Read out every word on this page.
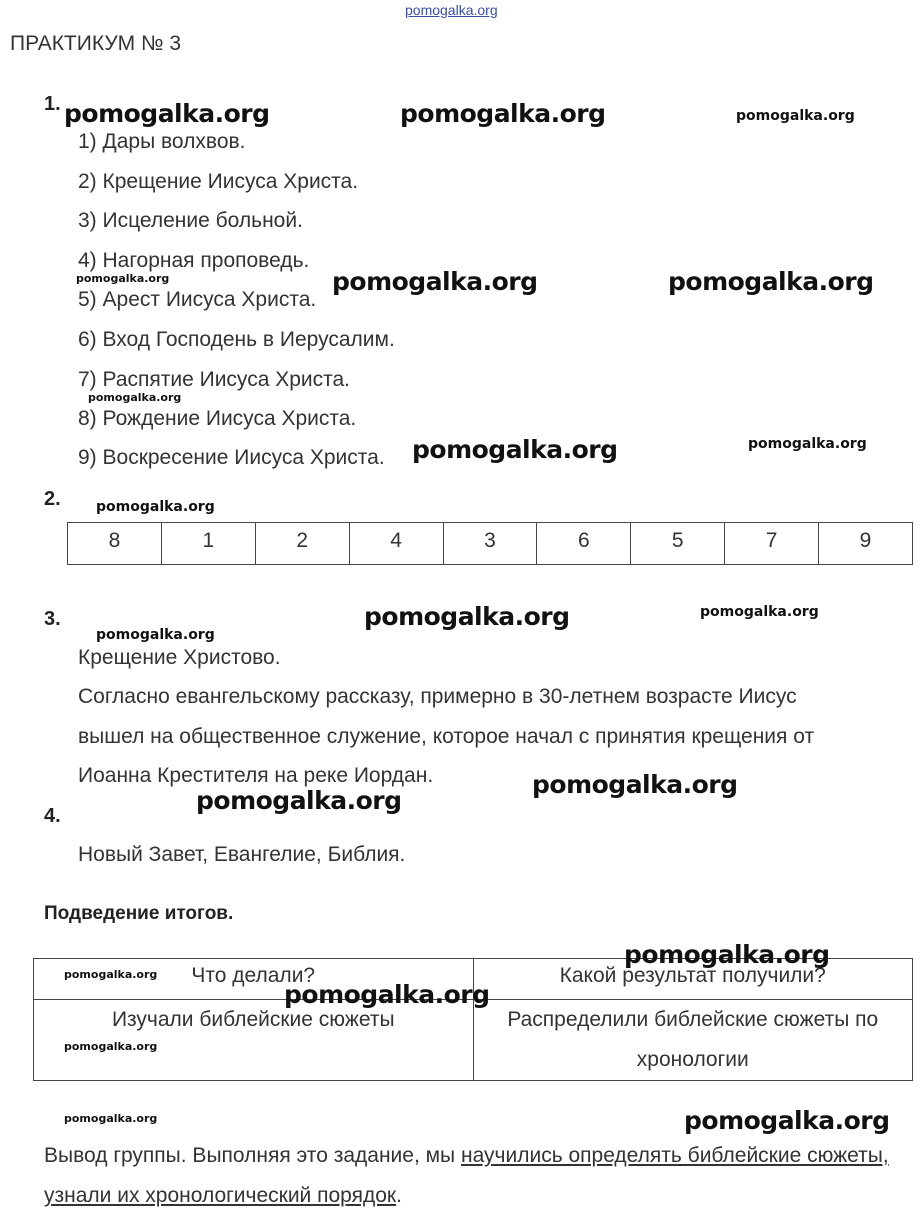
pomogalka.org
ПРАКТИКУМ № 3
1.
1) Дары волхвов.
2) Крещение Иисуса Христа.
3) Исцеление больной.
4) Нагорная проповедь.
5) Арест Иисуса Христа.
6) Вход Господень в Иерусалим.
7) Распятие Иисуса Христа.
8) Рождение Иисуса Христа.
9) Воскресение Иисуса Христа.
2.
8	1	2	4	3	6	5	7	9
3.
Крещение Христово.
Согласно евангельскому рассказу, примерно в 30-летнем возрасте Иисус
вышел на общественное служение, которое начал с принятия крещения от
Иоанна Крестителя на реке Иордан.
4.
Новый Завет, Евангелие, Библия.
Подведение итогов.
Что делали?	Какой результат получили?
Изучали библейские сюжеты	Распределили библейские сюжеты по хронологии
Вывод группы. Выполняя это задание, мы научились определять библейские сюжеты, узнали их хронологический порядок.
pomogalka.org	pomogalka.org	pomogalka.org
pomogalka.org	pomogalka.org	pomogalka.org
pomogalka.org
pomogalka.org	pomogalka.org
pomogalka.org
pomogalka.org	pomogalka.org
pomogalka.org
pomogalka.org
pomogalka.org
pomogalka.org
pomogalka.org
pomogalka.org
pomogalka.org
pomogalka.org	pomogalka.org
